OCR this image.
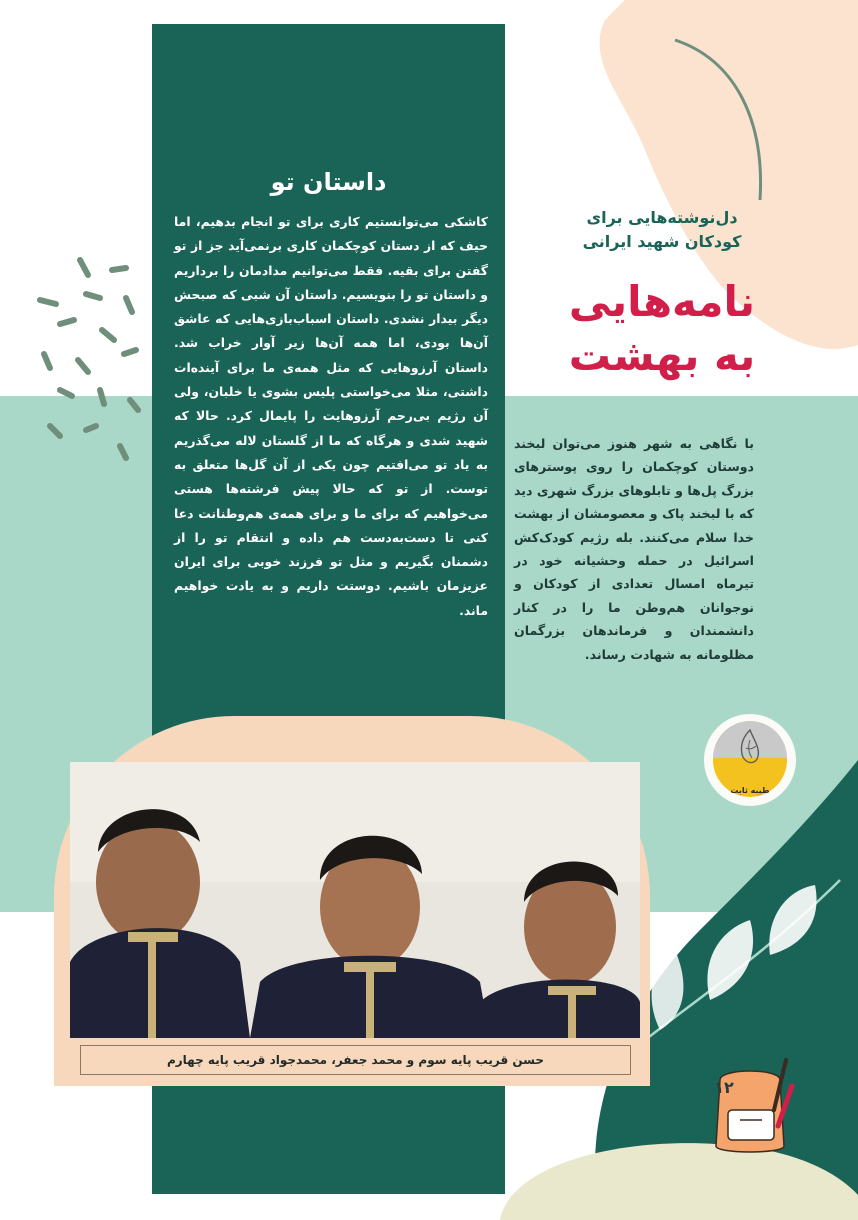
داستان تو
کاشکی می‌توانستیم کاری برای تو انجام بدهیم، اما حیف که از دستان کوچکمان کاری برنمی‌آید جز از تو گفتن برای بقیه. فقط می‌توانیم مدادمان را برداریم و داستان تو را بنویسیم. داستان آن شبی که صبحش دیگر بیدار نشدی. داستان اسباب‌بازی‌هایی که عاشق آن‌ها بودی، اما همه آن‌ها زیر آوار خراب شد. داستان آرزوهایی که مثل همه‌ی ما برای آینده‌ات داشتی، مثلا می‌خواستی پلیس بشوی یا خلبان، ولی آن رژیم بی‌رحم آرزوهایت را پایمال کرد. حالا که شهید شدی و هرگاه که ما از گلستان لاله می‌گذریم به یاد تو می‌افتیم چون یکی از آن گل‌ها متعلق به توست. از تو که حالا پیش فرشته‌ها هستی می‌خواهیم که برای ما و برای همه‌ی هم‌وطنانت دعا کنی تا دست‌به‌دست هم داده و انتقام تو را از دشمنان بگیریم و مثل تو فرزند خوبی برای ایران عزیزمان باشیم. دوستت داریم و به یادت خواهیم ماند.
دل‌نوشته‌هایی برای
کودکان شهید ایرانی
نامه‌هایی
به بهشت
با نگاهی به شهر هنوز می‌توان لبخند دوستان کوچکمان را روی پوسترهای بزرگ پل‌ها و تابلوهای بزرگ شهری دید که با لبخند پاک و معصومشان از بهشت خدا سلام می‌کنند. بله رژیم کودک‌کش اسرائیل در حمله وحشیانه خود در تیرماه امسال تعدادی از کودکان و نوجوانان هم‌وطن ما را در کنار دانشمندان و فرماندهان بزرگمان مظلومانه به شهادت رساند.
طیبه ثابت
حسن قریب پایه سوم و محمد جعفر، محمدجواد قریب پایه چهارم
۱۲
